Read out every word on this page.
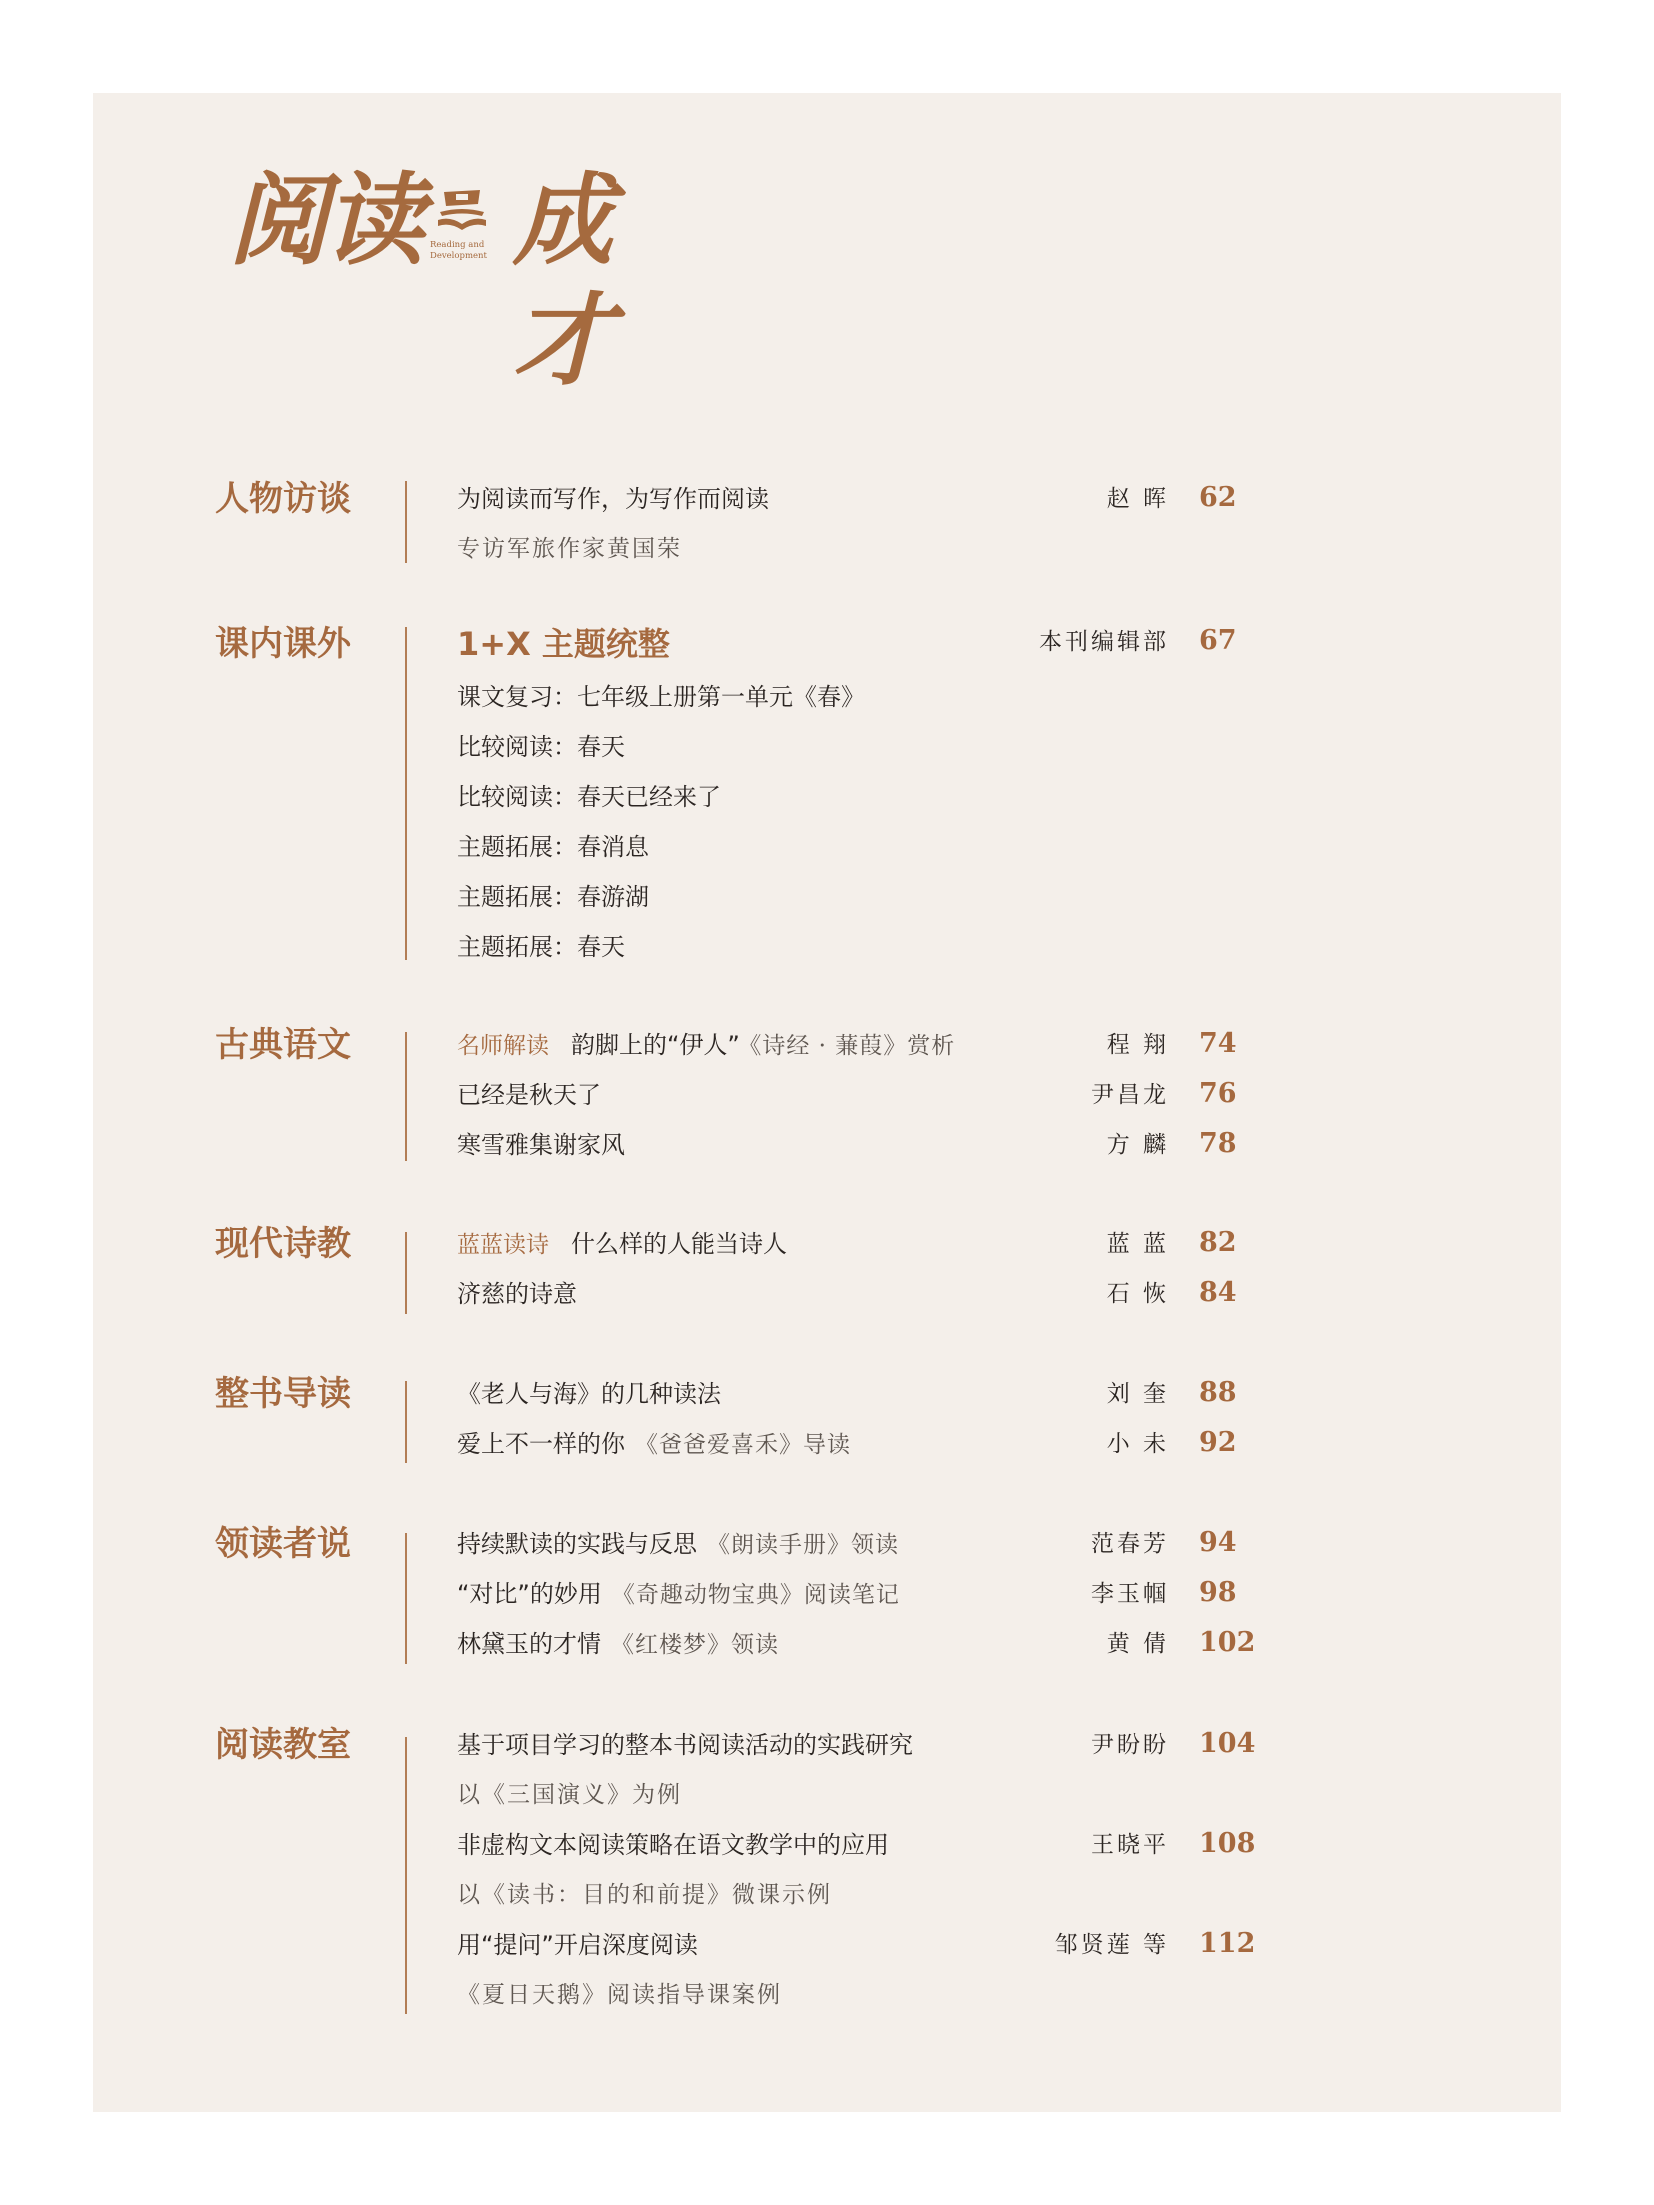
阅读 Reading and
Development 成才
人物访谈	为阅读而写作，为写作而阅读	赵 晖 62
专访军旅作家黄国荣
课内课外	1+X 主题统整	本刊编辑部 67
课文复习：七年级上册第一单元《春》
比较阅读：春天
比较阅读：春天已经来了
主题拓展：春消息
主题拓展：春游湖
主题拓展：春天
古典语文	名师解读 韵脚上的“伊人” 《诗经 · 蒹葭》赏析	程 翔 74
已经是秋天了	尹昌龙 76
寒雪雅集谢家风	方 麟 78
现代诗教	蓝蓝读诗 什么样的人能当诗人	蓝 蓝 82
济慈的诗意	石 恢 84
整书导读	《老人与海》的几种读法	刘 奎 88
爱上不一样的你 《爸爸爱喜禾》导读	小 未 92
领读者说	持续默读的实践与反思 《朗读手册》领读	范春芳 94
“对比”的妙用 《奇趣动物宝典》阅读笔记	李玉帼 98
林黛玉的才情 《红楼梦》领读	黄 倩 102
阅读教室	基于项目学习的整本书阅读活动的实践研究	尹盼盼 104
以《三国演义》为例
非虚构文本阅读策略在语文教学中的应用	王晓平 108
以《读书：目的和前提》微课示例
用“提问”开启深度阅读	邹贤莲 等 112
《夏日天鹅》阅读指导课案例
